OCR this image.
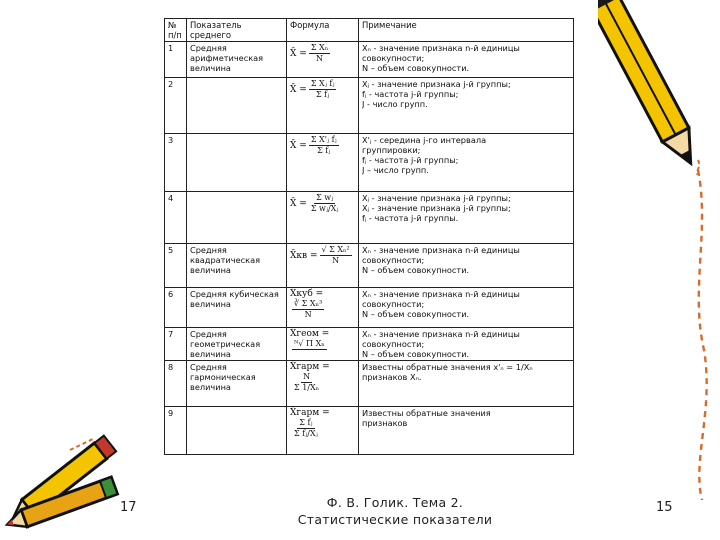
№ п/п	Показатель среднего	Формула	Примечание
1	Средняя арифметическая величина	X̄ = $\frac{\text{Σ Xₙ}}{N}$	Xₙ - значение признака n-й единицы
совокупности;
N – объем совокупности.

2		X̄ = $\frac{\text{Σ Xⱼ fⱼ}}{\text{Σ fⱼ}}$	Xⱼ - значение признака j-й группы;
fⱼ - частота j-й группы;
J - число групп.

3		X̄ = $\frac{\text{Σ X'ⱼ fⱼ}}{\text{Σ fⱼ}}$	X'ⱼ - середина j-го интервала
группировки;
fⱼ - частота j-й группы;
J – число групп.

4		X̄ = $\frac{\text{Σ wⱼ}}{\text{Σ wⱼ/Xⱼ}}$	Xⱼ - значение признака j-й группы;
Xⱼ - значение признака j-й группы;
fⱼ - частота j-й группы.

5	Средняя квадратическая величина	X̄кв = $\frac{\text{√ Σ Xₙ²}}{N}$	Xₙ - значение признака n-й единицы
совокупности;
N – объем совокупности.

6	Средняя кубическая величина	X̄куб =
$\frac{\text{∛ Σ Xₙ³}}{N}$	Xₙ - значение признака n-й единицы
совокупности;
N – объем совокупности.

7	Средняя геометрическая величина	X̄геом =
ᴺ√ Π Xₙ	Xₙ - значение признака n-й единицы
совокупности;
N – объем совокупности.

8	Средняя гармоническая величина	X̄гарм =
$\frac{N}{\text{Σ 1/Xₙ}}$	Известны обратные значения x'ₙ = 1/Xₙ
признаков Xₙ.

9		X̄гарм =
$\frac{\text{Σ fⱼ}}{\text{Σ fⱼ/Xⱼ}}$	Известны обратные значения
признаков
17	Ф. В. Голик. Тема 2.
Статистические показатели
15
